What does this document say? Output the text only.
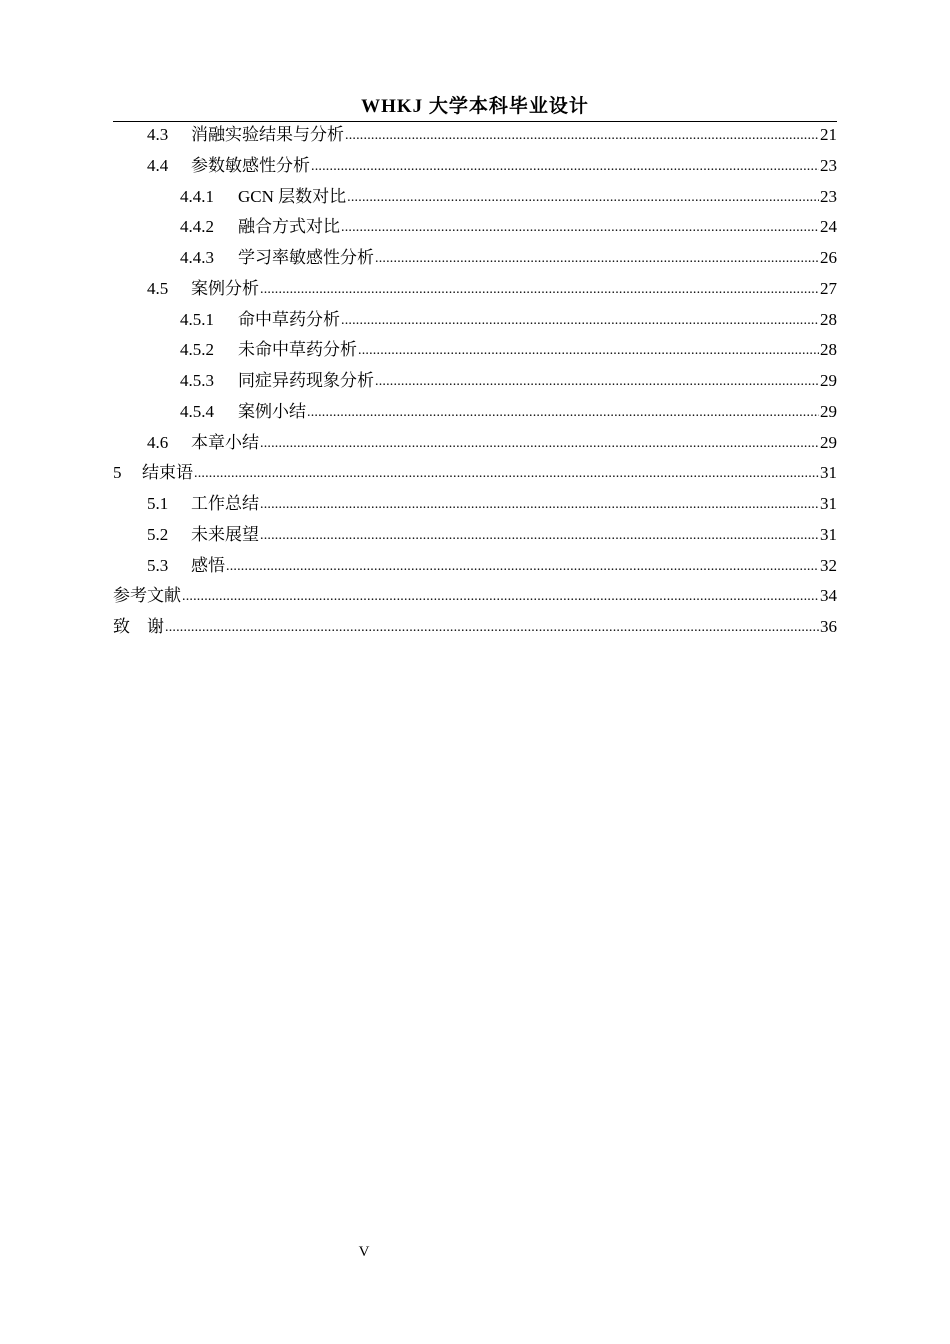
WHKJ 大学本科毕业设计
4.3	消融实验结果与分析 .....	21
4.4	参数敏感性分析 .....	23
4.4.1	GCN 层数对比 .....	23
4.4.2	融合方式对比 .....	24
4.4.3	学习率敏感性分析 .....	26
4.5	案例分析 .....	27
4.5.1	命中草药分析 .....	28
4.5.2	未命中草药分析 .....	28
4.5.3	同症异药现象分析 .....	29
4.5.4	案例小结 .....	29
4.6	本章小结 .....	29
5	结束语 .....	31
5.1	工作总结 .....	31
5.2	未来展望 .....	31
5.3	感悟 .....	32
参考文献 .....	34
致　谢 .....	36
V
